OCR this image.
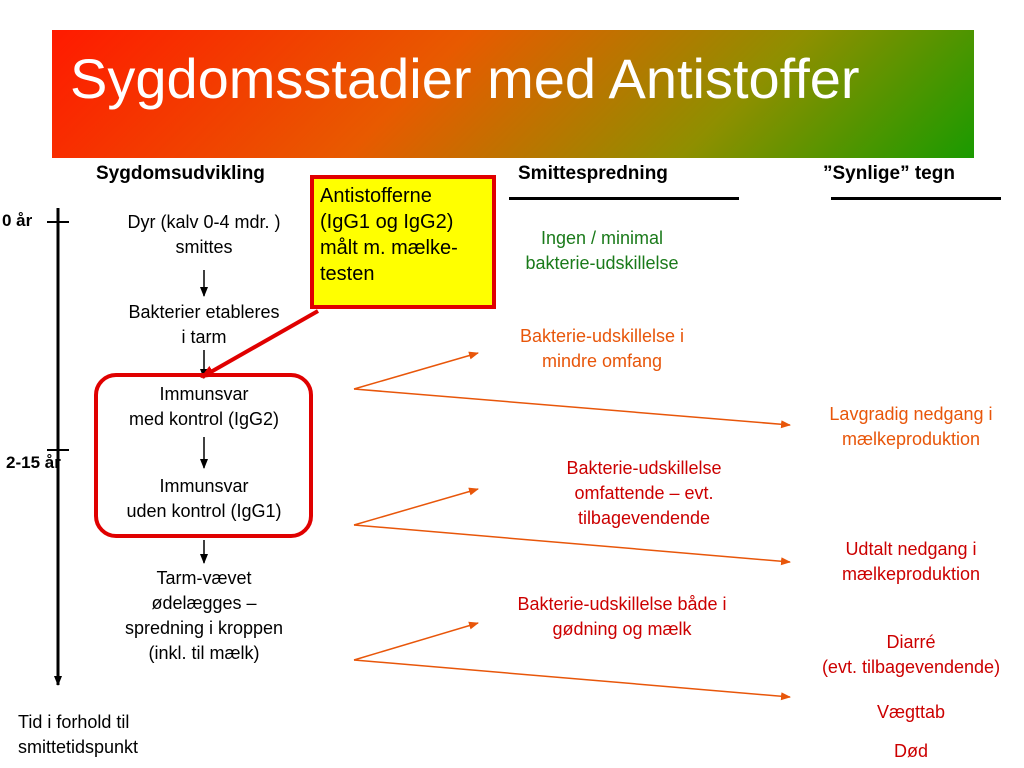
Sygdomsstadier med Antistoffer
Sygdomsudvikling	Smittespredning	”Synlige” tegn
0 år
2-15 år
Tid i forhold til
smittetidspunkt
Dyr (kalv 0-4 mdr. )
smittes
Bakterier etableres
i tarm
Immunsvar
med kontrol (IgG2)
Immunsvar
uden kontrol (IgG1)
Tarm-vævet
ødelægges –
spredning i kroppen
(inkl. til mælk)
Antistofferne
(IgG1 og IgG2)
målt m. mælke-
testen
Ingen / minimal
bakterie-udskillelse
Bakterie-udskillelse i
mindre omfang
Bakterie-udskillelse
omfattende – evt.
tilbagevendende
Bakterie-udskillelse både i
gødning og mælk
Lavgradig nedgang i
mælkeproduktion
Udtalt nedgang i
mælkeproduktion
Diarré
(evt. tilbagevendende)
Vægttab
Død
